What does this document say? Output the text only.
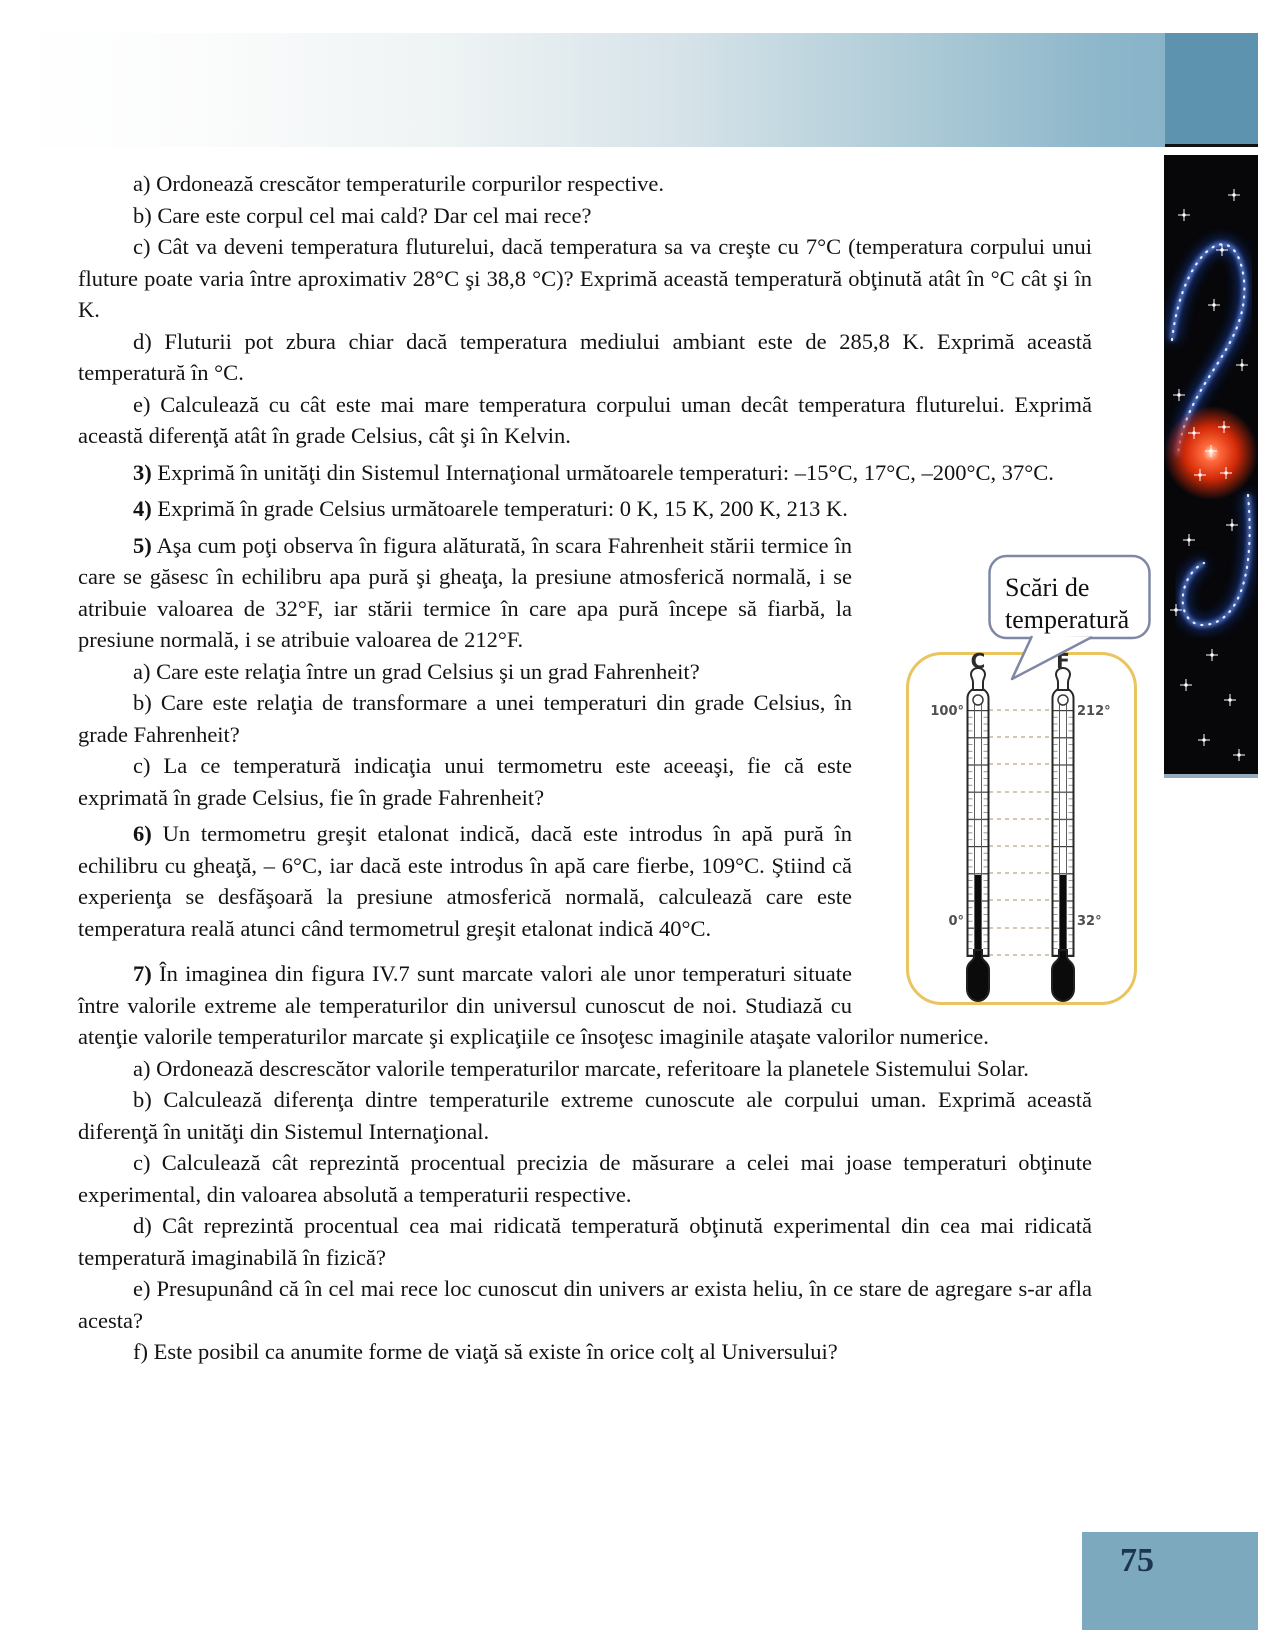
a) Ordonează crescător temperaturile corpurilor respective.

b) Care este corpul cel mai cald? Dar cel mai rece?

c) Cât va deveni temperatura fluturelui, dacă temperatura sa va creşte cu 7°C (temperatura corpului unui fluture poate varia între aproximativ 28°C şi 38,8 °C)? Exprimă această temperatură obţinută atât în °C cât şi în K.

d) Fluturii pot zbura chiar dacă temperatura mediului ambiant este de 285,8 K. Exprimă această temperatură în °C.

e) Calculează cu cât este mai mare temperatura corpului uman decât temperatura fluturelui. Exprimă această diferenţă atât în grade Celsius, cât şi în Kelvin.

3) Exprimă în unităţi din Sistemul Internaţional următoarele temperaturi: –15°C, 17°C, –200°C, 37°C.

4) Exprimă în grade Celsius următoarele temperaturi: 0 K, 15 K, 200 K, 213 K.

5) Aşa cum poţi observa în figura alăturată, în scara Fahrenheit stării termice în care se găsesc în echilibru apa pură şi gheaţa, la presiune atmosferică normală, i se atribuie valoarea de 32°F, iar stării termice în care apa pură începe să fiarbă, la presiune normală, i se atribuie valoarea de 212°F.

a) Care este relaţia între un grad Celsius şi un grad Fahrenheit?

b) Care este relaţia de transformare a unei temperaturi din grade Celsius, în grade Fahrenheit?

c) La ce temperatură indicaţia unui termometru este aceeaşi, fie că este exprimată în grade Celsius, fie în grade Fahrenheit?

6) Un termometru greşit etalonat indică, dacă este introdus în apă pură în echilibru cu gheaţă, – 6°C, iar dacă este introdus în apă care fierbe, 109°C. Ştiind că experienţa se desfăşoară la presiune atmosferică normală, calculează care este temperatura reală atunci când termometrul greşit etalonat indică 40°C.

7) În imaginea din figura IV.7 sunt marcate valori ale unor temperaturi situate între valorile extreme ale temperaturilor din universul cunoscut de noi. Studiază cu atenţie valorile temperaturilor marcate şi explicaţiile ce însoţesc imaginile ataşate valorilor numerice.

a) Ordonează descrescător valorile temperaturilor marcate, referitoare la planetele Sistemului Solar.

b) Calculează diferenţa dintre temperaturile extreme cunoscute ale corpului uman. Exprimă această diferenţă în unităţi din Sistemul Internaţional.

c) Calculează cât reprezintă procentual precizia de măsurare a celei mai joase temperaturi obţinute experimental, din valoarea absolută a temperaturii respective.

d) Cât reprezintă procentual cea mai ridicată temperatură obţinută experimental din cea mai ridicată temperatură imaginabilă în fizică?

e) Presupunând că în cel mai rece loc cunoscut din univers ar exista heliu, în ce stare de agregare s-ar afla acesta?

f) Este posibil ca anumite forme de viaţă să existe în orice colţ al Universului?

C	F
100°	212°
0°	32°
Scări de
temperatură
75
